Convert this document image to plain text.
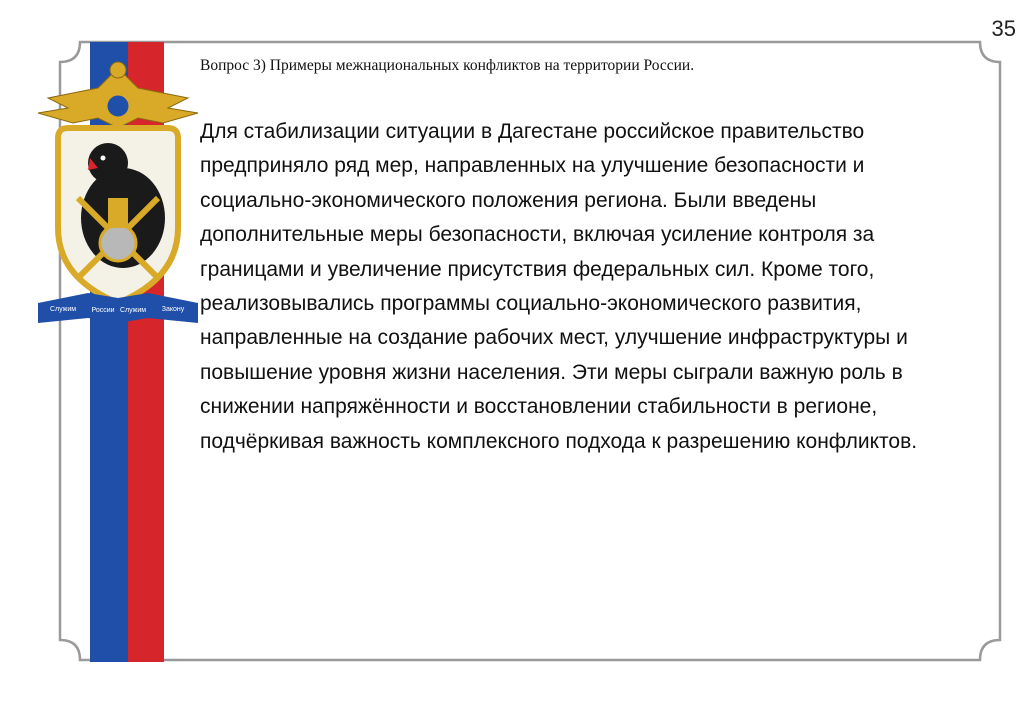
Служим России Служим Закону
35

Вопрос 3) Примеры межнациональных конфликтов на территории России.

Для стабилизации ситуации в Дагестане российское правительство предприняло ряд мер, направленных на улучшение безопасности и социально-экономического положения региона. Были введены дополнительные меры безопасности, включая усиление контроля за границами и увеличение присутствия федеральных сил. Кроме того, реализовывались программы социально-экономического развития, направленные на создание рабочих мест, улучшение инфраструктуры и повышение уровня жизни населения. Эти меры сыграли важную роль в снижении напряжённости и восстановлении стабильности в регионе, подчёркивая важность комплексного подхода к разрешению конфликтов.
